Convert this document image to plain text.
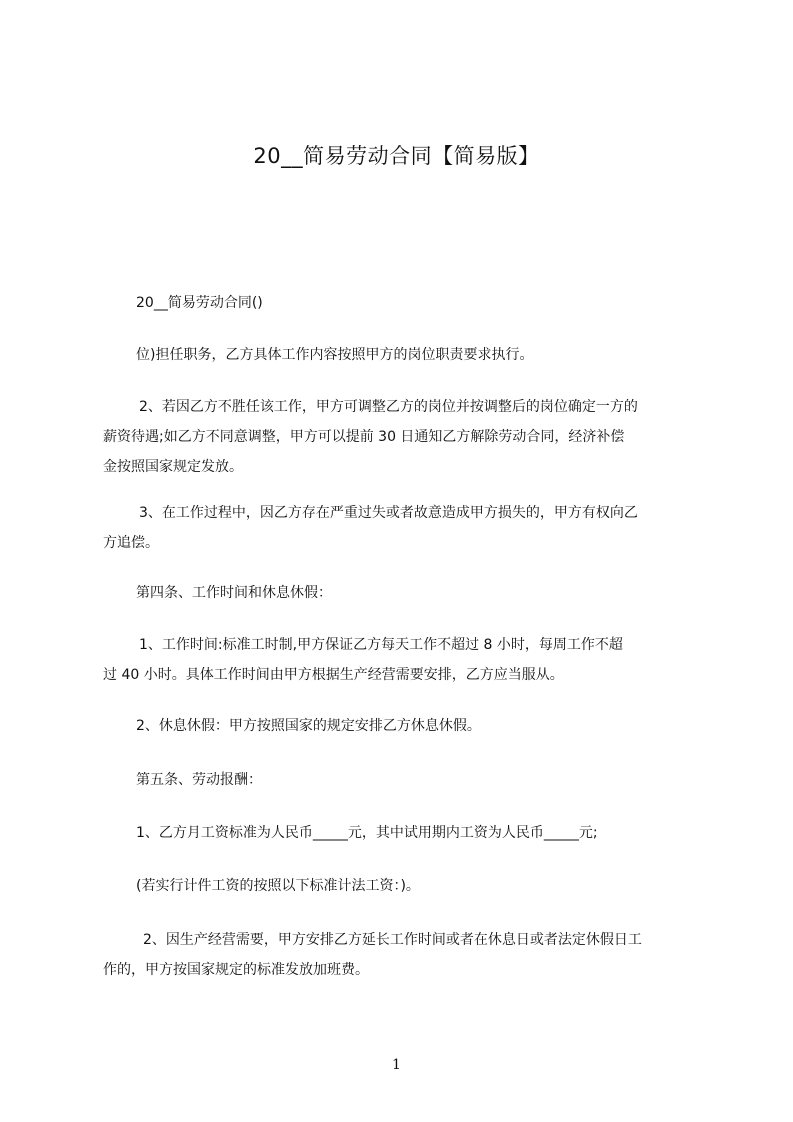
20__简易劳动合同【简易版】
20__简易劳动合同()
位)担任职务，乙方具体工作内容按照甲方的岗位职责要求执行。
2、若因乙方不胜任该工作，甲方可调整乙方的岗位并按调整后的岗位确定一方的
薪资待遇;如乙方不同意调整，甲方可以提前 30 日通知乙方解除劳动合同，经济补偿
金按照国家规定发放。
3、在工作过程中，因乙方存在严重过失或者故意造成甲方损失的，甲方有权向乙
方追偿。
第四条、工作时间和休息休假：
1、工作时间:标准工时制,甲方保证乙方每天工作不超过 8 小时，每周工作不超
过 40 小时。具体工作时间由甲方根据生产经营需要安排，乙方应当服从。
2、休息休假：甲方按照国家的规定安排乙方休息休假。
第五条、劳动报酬：
1、乙方月工资标准为人民币_____元，其中试用期内工资为人民币_____元;
(若实行计件工资的按照以下标准计法工资：)。
2、因生产经营需要，甲方安排乙方延长工作时间或者在休息日或者法定休假日工
作的，甲方按国家规定的标准发放加班费。
1
